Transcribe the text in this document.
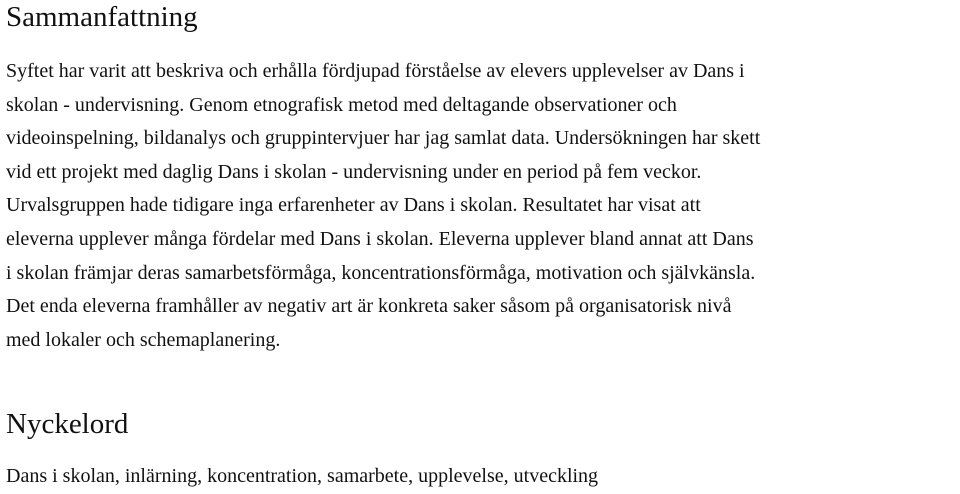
Sammanfattning
Syftet har varit att beskriva och erhålla fördjupad förståelse av elevers upplevelser av Dans i
skolan - undervisning. Genom etnografisk metod med deltagande observationer och
videoinspelning, bildanalys och gruppintervjuer har jag samlat data. Undersökningen har skett
vid ett projekt med daglig Dans i skolan - undervisning under en period på fem veckor.
Urvalsgruppen hade tidigare inga erfarenheter av Dans i skolan. Resultatet har visat att
eleverna upplever många fördelar med Dans i skolan. Eleverna upplever bland annat att Dans
i skolan främjar deras samarbetsförmåga, koncentrationsförmåga, motivation och självkänsla.
Det enda eleverna framhåller av negativ art är konkreta saker såsom på organisatorisk nivå
med lokaler och schemaplanering.
Nyckelord
Dans i skolan, inlärning, koncentration, samarbete, upplevelse, utveckling
